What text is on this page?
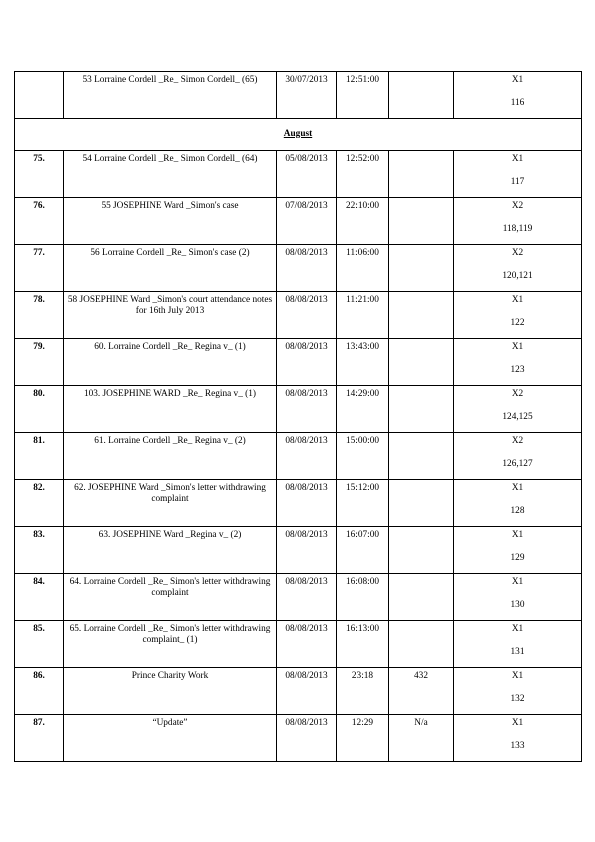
	53 Lorraine Cordell _Re_ Simon Cordell_ (65)	30/07/2013	12:51:00		X1
116

August					
75.	54 Lorraine Cordell _Re_ Simon Cordell_ (64)	05/08/2013	12:52:00		X1
117

76.	55 JOSEPHINE Ward _Simon's case	07/08/2013	22:10:00		X2
118,119

77.	56 Lorraine Cordell _Re_ Simon's case (2)	08/08/2013	11:06:00		X2
120,121

78.	58 JOSEPHINE Ward _Simon's court attendance notes for 16th July 2013	08/08/2013	11:21:00		X1
122

79.	60. Lorraine Cordell _Re_ Regina v_ (1)	08/08/2013	13:43:00		X1
123

80.	103. JOSEPHINE WARD _Re_ Regina v_ (1)	08/08/2013	14:29:00		X2
124,125

81.	61. Lorraine Cordell _Re_ Regina v_ (2)	08/08/2013	15:00:00		X2
126,127

82.	62. JOSEPHINE Ward _Simon's letter withdrawing complaint	08/08/2013	15:12:00		X1
128

83.	63. JOSEPHINE Ward _Regina v_ (2)	08/08/2013	16:07:00		X1
129

84.	64. Lorraine Cordell _Re_ Simon's letter withdrawing complaint	08/08/2013	16:08:00		X1
130

85.	65. Lorraine Cordell _Re_ Simon's letter withdrawing complaint_ (1)	08/08/2013	16:13:00		X1
131

86.	Prince Charity Work	08/08/2013	23:18	432	X1
132

87.	“Update”	08/08/2013	12:29	N/a	X1
133
